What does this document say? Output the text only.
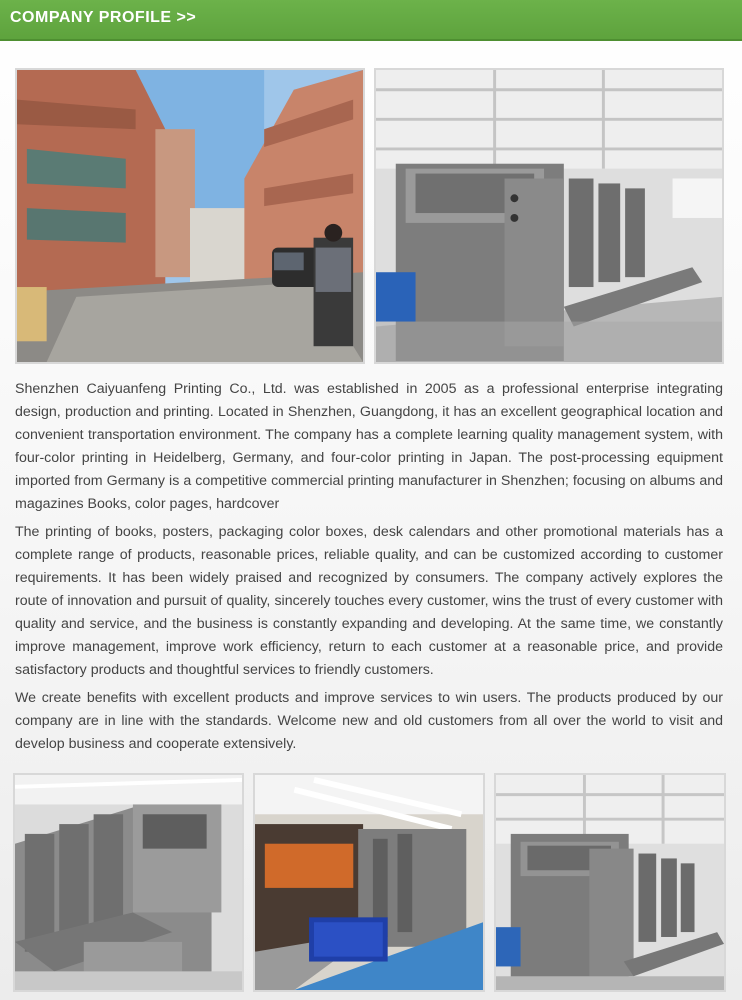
COMPANY PROFILE >>

Shenzhen Caiyuanfeng Printing Co., Ltd. was established in 2005 as a professional enterprise integrating design, production and printing. Located in Shenzhen, Guangdong, it has an excellent geographical location and convenient transportation environment. The company has a complete learning quality management system, with four-color printing in Heidelberg, Germany, and four-color printing in Japan. The post-processing equipment imported from Germany is a competitive commercial printing manufacturer in Shenzhen; focusing on albums and magazines Books, color pages, hardcover

The printing of books, posters, packaging color boxes, desk calendars and other promotional materials has a complete range of products, reasonable prices, reliable quality, and can be customized according to customer requirements. It has been widely praised and recognized by consumers. The company actively explores the route of innovation and pursuit of quality, sincerely touches every customer, wins the trust of every customer with quality and service, and the business is constantly expanding and developing. At the same time, we constantly improve management, improve work efficiency, return to each customer at a reasonable price, and provide satisfactory products and thoughtful services to friendly customers.

We create benefits with excellent products and improve services to win users. The products produced by our company are in line with the standards. Welcome new and old customers from all over the world to visit and develop business and cooperate extensively.
